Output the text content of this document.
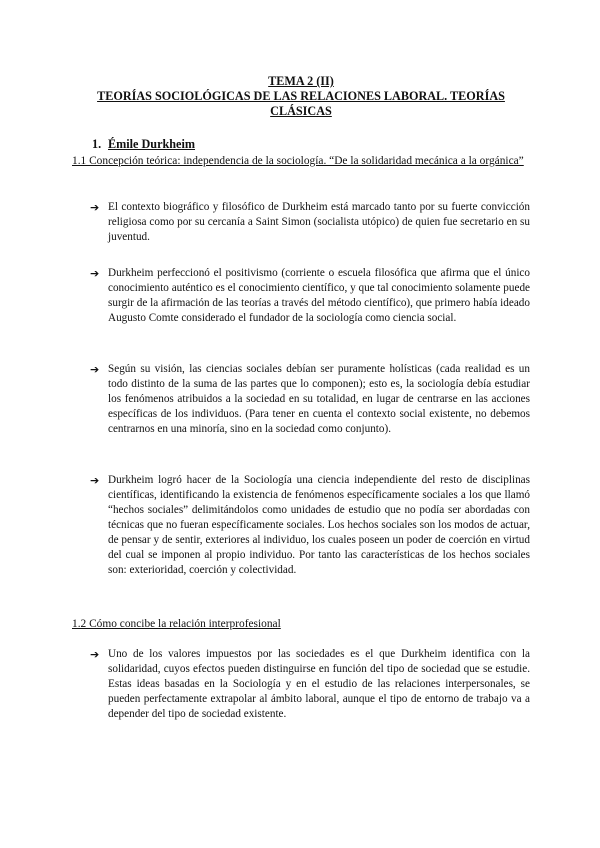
TEMA 2 (II)
TEORÍAS SOCIOLÓGICAS DE LAS RELACIONES LABORAL. TEORÍAS CLÁSICAS
1. Émile Durkheim
1.1 Concepción teórica: independencia de la sociología. “De la solidaridad mecánica a la orgánica”
➔ El contexto biográfico y filosófico de Durkheim está marcado tanto por su fuerte convicción religiosa como por su cercanía a Saint Simon (socialista utópico) de quien fue secretario en su juventud.
➔ Durkheim perfeccionó el positivismo (corriente o escuela filosófica que afirma que el único conocimiento auténtico es el conocimiento científico, y que tal conocimiento solamente puede surgir de la afirmación de las teorías a través del método científico), que primero había ideado Augusto Comte considerado el fundador de la sociología como ciencia social.
➔ Según su visión, las ciencias sociales debían ser puramente holísticas (cada realidad es un todo distinto de la suma de las partes que lo componen); esto es, la sociología debía estudiar los fenómenos atribuidos a la sociedad en su totalidad, en lugar de centrarse en las acciones específicas de los individuos. (Para tener en cuenta el contexto social existente, no debemos centrarnos en una minoría, sino en la sociedad como conjunto).
➔ Durkheim logró hacer de la Sociología una ciencia independiente del resto de disciplinas científicas, identificando la existencia de fenómenos específicamente sociales a los que llamó “hechos sociales” delimitándolos como unidades de estudio que no podía ser abordadas con técnicas que no fueran específicamente sociales. Los hechos sociales son los modos de actuar, de pensar y de sentir, exteriores al individuo, los cuales poseen un poder de coerción en virtud del cual se imponen al propio individuo. Por tanto las características de los hechos sociales son: exterioridad, coerción y colectividad.
1.2 Cómo concibe la relación interprofesional
➔ Uno de los valores impuestos por las sociedades es el que Durkheim identifica con la solidaridad, cuyos efectos pueden distinguirse en función del tipo de sociedad que se estudie. Estas ideas basadas en la Sociología y en el estudio de las relaciones interpersonales, se pueden perfectamente extrapolar al ámbito laboral, aunque el tipo de entorno de trabajo va a depender del tipo de sociedad existente.
